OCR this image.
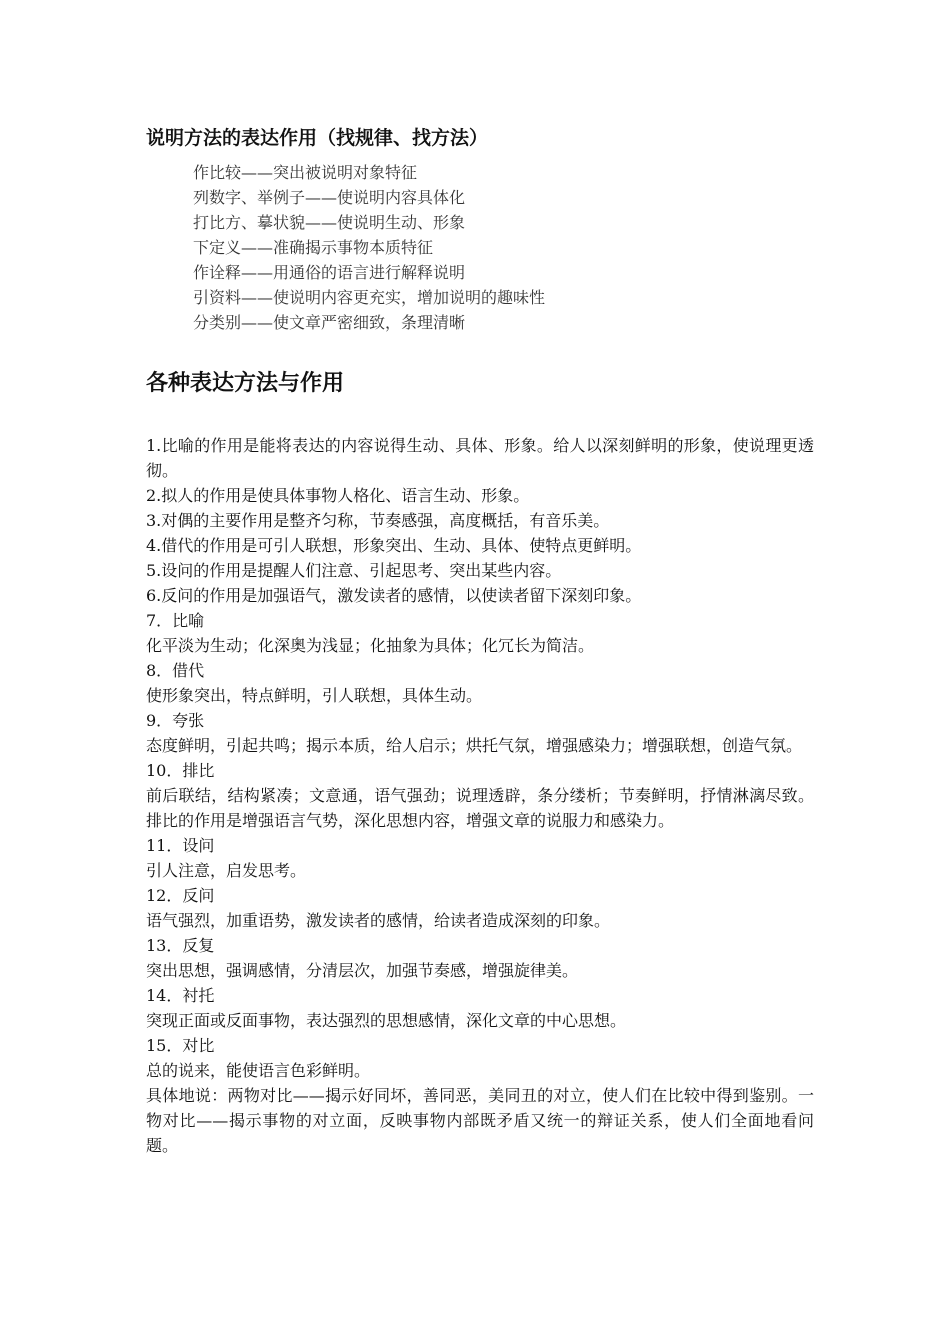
说明方法的表达作用（找规律、找方法）
作比较——突出被说明对象特征
列数字、举例子——使说明内容具体化
打比方、摹状貌——使说明生动、形象
下定义——准确揭示事物本质特征
作诠释——用通俗的语言进行解释说明
引资料——使说明内容更充实，增加说明的趣味性
分类别——使文章严密细致，条理清晰
各种表达方法与作用

1.比喻的作用是能将表达的内容说得生动、具体、形象。给人以深刻鲜明的形象，使说理更透彻。

2.拟人的作用是使具体事物人格化、语言生动、形象。

3.对偶的主要作用是整齐匀称，节奏感强，高度概括，有音乐美。

4.借代的作用是可引人联想，形象突出、生动、具体、使特点更鲜明。

5.设问的作用是提醒人们注意、引起思考、突出某些内容。

6.反问的作用是加强语气，激发读者的感情，以使读者留下深刻印象。

7．比喻

化平淡为生动；化深奥为浅显；化抽象为具体；化冗长为简洁。

8．借代

使形象突出，特点鲜明，引人联想，具体生动。

9．夸张

态度鲜明，引起共鸣；揭示本质，给人启示；烘托气氛，增强感染力；增强联想，创造气氛。

10．排比

前后联结，结构紧凑；文意通，语气强劲；说理透辟，条分缕析；节奏鲜明，抒情淋漓尽致。排比的作用是增强语言气势，深化思想内容，增强文章的说服力和感染力。

11．设问

引人注意，启发思考。

12．反问

语气强烈，加重语势，激发读者的感情，给读者造成深刻的印象。

13．反复

突出思想，强调感情，分清层次，加强节奏感，增强旋律美。

14．衬托

突现正面或反面事物，表达强烈的思想感情，深化文章的中心思想。

15．对比

总的说来，能使语言色彩鲜明。

具体地说：两物对比——揭示好同坏，善同恶，美同丑的对立，使人们在比较中得到鉴别。一物对比——揭示事物的对立面，反映事物内部既矛盾又统一的辩证关系，使人们全面地看问题。
